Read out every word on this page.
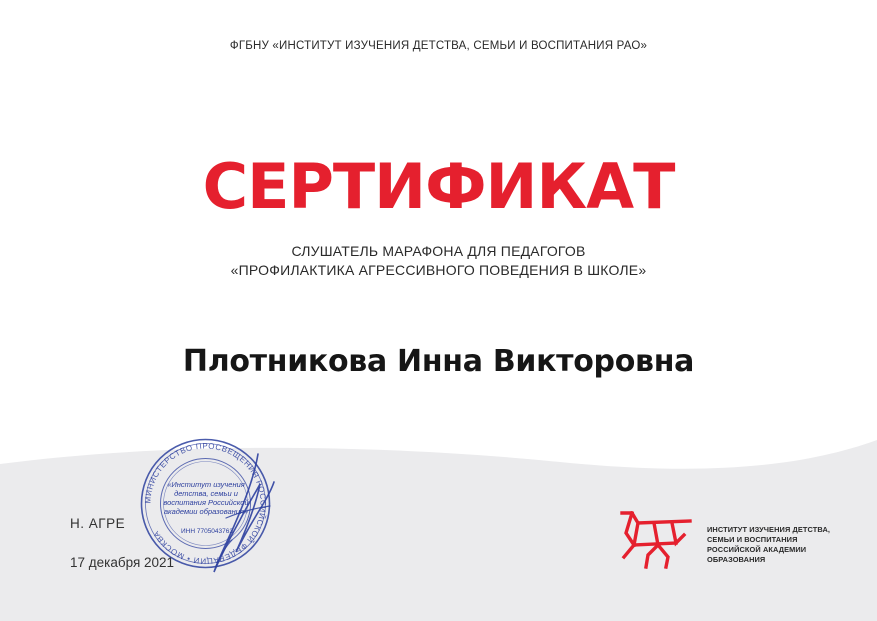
ФГБНУ «ИНСТИТУТ ИЗУЧЕНИЯ ДЕТСТВА, СЕМЬИ И ВОСПИТАНИЯ РАО»
СЕРТИФИКАТ
СЛУШАТЕЛЬ МАРАФОНА ДЛЯ ПЕДАГОГОВ
«ПРОФИЛАКТИКА АГРЕССИВНОГО ПОВЕДЕНИЯ В ШКОЛЕ»
Плотникова Инна Викторовна
МИНИСТЕРСТВО ПРОСВЕЩЕНИЯ РОССИЙСКОЙ ФЕДЕРАЦИИ • МОСКВА
«Институт изучения детства, семьи и воспитания Российской академии образования»
ИНН 7705043763
Н. АГРЕ
17 декабря 2021
ИНСТИТУТ ИЗУЧЕНИЯ ДЕТСТВА,
СЕМЬИ И ВОСПИТАНИЯ
РОССИЙСКОЙ АКАДЕМИИ
ОБРАЗОВАНИЯ
